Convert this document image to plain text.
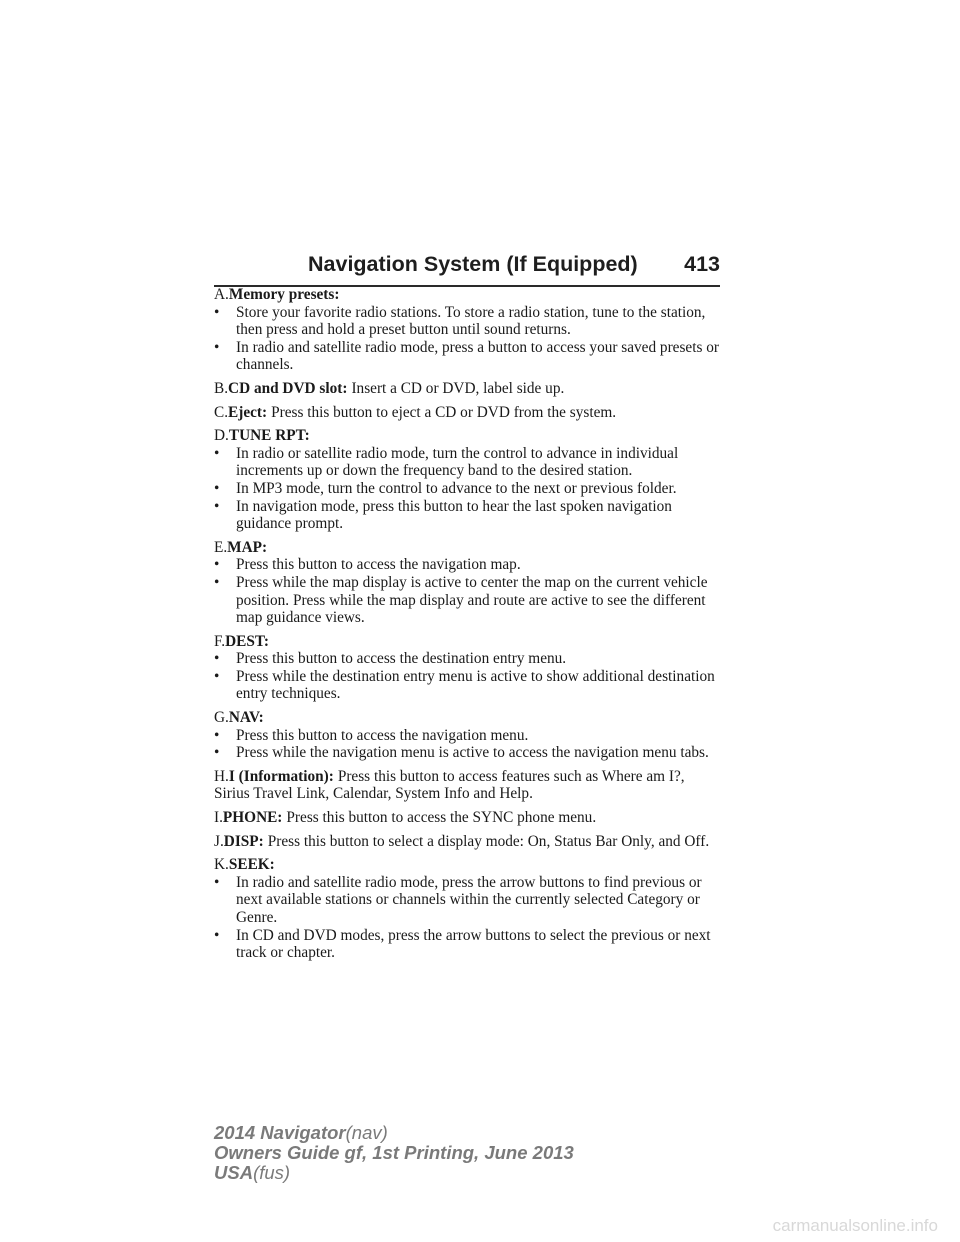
Navigation System (If Equipped) 413
A.Memory presets:
•	Store your favorite radio stations. To store a radio station, tune to the station, then press and hold a preset button until sound returns.
•	In radio and satellite radio mode, press a button to access your saved presets or channels.
B.CD and DVD slot: Insert a CD or DVD, label side up.
C.Eject: Press this button to eject a CD or DVD from the system.
D.TUNE RPT:
•	In radio or satellite radio mode, turn the control to advance in individual increments up or down the frequency band to the desired station.
•	In MP3 mode, turn the control to advance to the next or previous folder.
•	In navigation mode, press this button to hear the last spoken navigation guidance prompt.
E.MAP:
•	Press this button to access the navigation map.
•	Press while the map display is active to center the map on the current vehicle position. Press while the map display and route are active to see the different map guidance views.
F.DEST:
•	Press this button to access the destination entry menu.
•	Press while the destination entry menu is active to show additional destination entry techniques.
G.NAV:
•	Press this button to access the navigation menu.
•	Press while the navigation menu is active to access the navigation menu tabs.
H.I (Information): Press this button to access features such as Where am I?, Sirius Travel Link, Calendar, System Info and Help.
I.PHONE: Press this button to access the SYNC phone menu.
J.DISP: Press this button to select a display mode: On, Status Bar Only, and Off.
K.SEEK:
•	In radio and satellite radio mode, press the arrow buttons to find previous or next available stations or channels within the currently selected Category or Genre.
•	In CD and DVD modes, press the arrow buttons to select the previous or next track or chapter.
2014 Navigator(nav)
Owners Guide gf, 1st Printing, June 2013
USA(fus)
carmanualsonline.info
